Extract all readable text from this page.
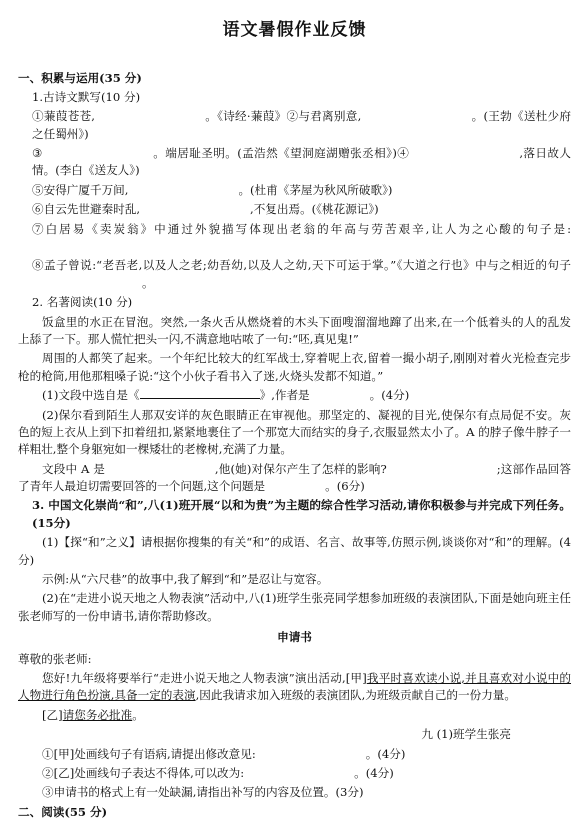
语文暑假作业反馈
一、积累与运用(35 分)
1.古诗文默写(10 分)
①蒹葭苍苍,	。《诗经·蒹葭》②与君离别意,	。(王勃《送杜少府之任蜀州》)
③	。端居耻圣明。(孟浩然《望洞庭湖赠张丞相》)④	,落日故人情。(李白《送友人》)
⑤安得广厦千万间,	。(杜甫《茅屋为秋风所破歌》)
⑥自云先世避秦时乱,	,不复出焉。(《桃花源记》)
⑦白居易《卖炭翁》中通过外貌描写体现出老翁的年高与劳苦艰辛,让人为之心酸的句子是:
⑧孟子曾说:“老吾老,以及人之老;幼吾幼,以及人之幼,天下可运于掌。”《大道之行也》中与之相近的句子。
2. 名著阅读(10 分)
饭盒里的水正在冒泡。突然,一条火舌从燃烧着的木头下面嗖溜溜地蹿了出来,在一个低着头的人的乱发上舔了一下。那人慌忙把头一闪,不满意地咕哝了一句:“呸,真见鬼!”
周围的人都笑了起来。一个年纪比较大的红军战士,穿着呢上衣,留着一撮小胡子,刚刚对着火光检查完步枪的枪筒,用他那粗嗓子说:“这个小伙子看书入了迷,火烧头发都不知道。”
(1)文段中选自是《	》,作者是	。(4分)
(2)保尔看到陌生人那双安详的灰色眼睛正在审视他。那坚定的、凝视的目光,使保尔有点局促不安。灰色的短上衣从上到下扣着纽扣,紧紧地裹住了一个那宽大而结实的身子,衣服显然太小了。A 的脖子像牛脖子一样粗壮,整个身躯宛如一棵矮壮的老橡树,充满了力量。
文段中 A 是	,他(她)对保尔产生了怎样的影响?	;这部作品回答了青年人最迫切需要回答的一个问题,这个问题是	。(6分)
3. 中国文化崇尚“和”,八(1)班开展“以和为贵”为主题的综合性学习活动,请你积极参与并完成下列任务。(15分)
(1)【探“和”之义】请根据你搜集的有关“和”的成语、名言、故事等,仿照示例,谈谈你对“和”的理解。(4分)
示例:从“六尺巷”的故事中,我了解到“和”是忍让与宽容。
(2)在“走进小说天地之人物表演”活动中,八(1)班学生张亮同学想参加班级的表演团队,下面是她向班主任张老师写的一份申请书,请你帮助修改。
申请书
尊敬的张老师:
您好!九年级将要举行“走进小说天地之人物表演”演出活动,[甲]我平时喜欢读小说,并且喜欢对小说中的人物进行角色扮演,具备一定的表演,因此我请求加入班级的表演团队,为班级贡献自己的一份力量。
[乙]请您务必批准。
九 (1)班学生张亮
①[甲]处画线句子有语病,请提出修改意见:	。(4分)
②[乙]处画线句子表达不得体,可以改为:	。(4分)
③申请书的格式上有一处缺漏,请指出补写的内容及位置。(3分)
二、阅读(55 分)
